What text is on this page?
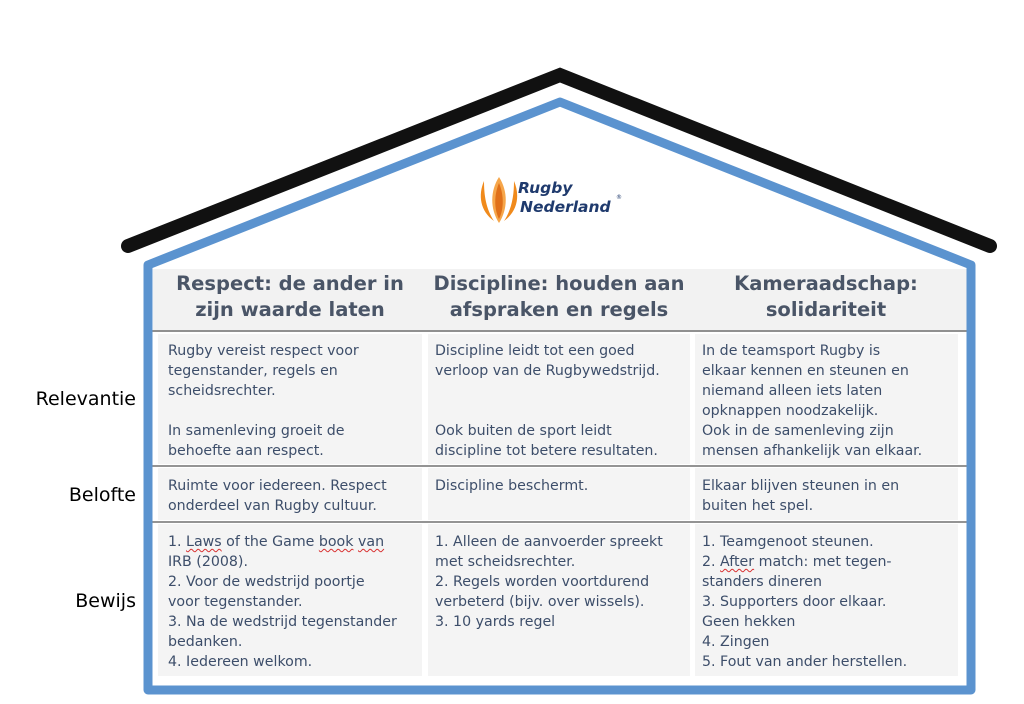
Rugby
Nederland
®
Relevantie
Belofte
Bewijs
Respect: de ander in
zijn waarde laten
Discipline: houden aan
afspraken en regels
Kameraadschap:
solidariteit

Rugby vereist respect voor

tegenstander, regels en

scheidsrechter.

In samenleving groeit de

behoefte aan respect.

Discipline leidt tot een goed

verloop van de Rugbywedstrijd.

Ook buiten de sport leidt

discipline tot betere resultaten.

In de teamsport Rugby is

elkaar kennen en steunen en

niemand alleen iets laten

opknappen noodzakelijk.

Ook in de samenleving zijn

mensen afhankelijk van elkaar.

Ruimte voor iedereen. Respect

onderdeel van Rugby cultuur.

Discipline beschermt.	Elkaar blijven steunen in en

buiten het spel.

1. Laws of the Game book van

IRB (2008).

2. Voor de wedstrijd poortje

voor tegenstander.

3. Na de wedstrijd tegenstander

bedanken.

4. Iedereen welkom.

1. Alleen de aanvoerder spreekt

met scheidsrechter.

2. Regels worden voortdurend

verbeterd (bijv. over wissels).

3. 10 yards regel

1. Teamgenoot steunen.

2. After match: met tegen-

standers dineren

3. Supporters door elkaar.

Geen hekken

4. Zingen

5. Fout van ander herstellen.
